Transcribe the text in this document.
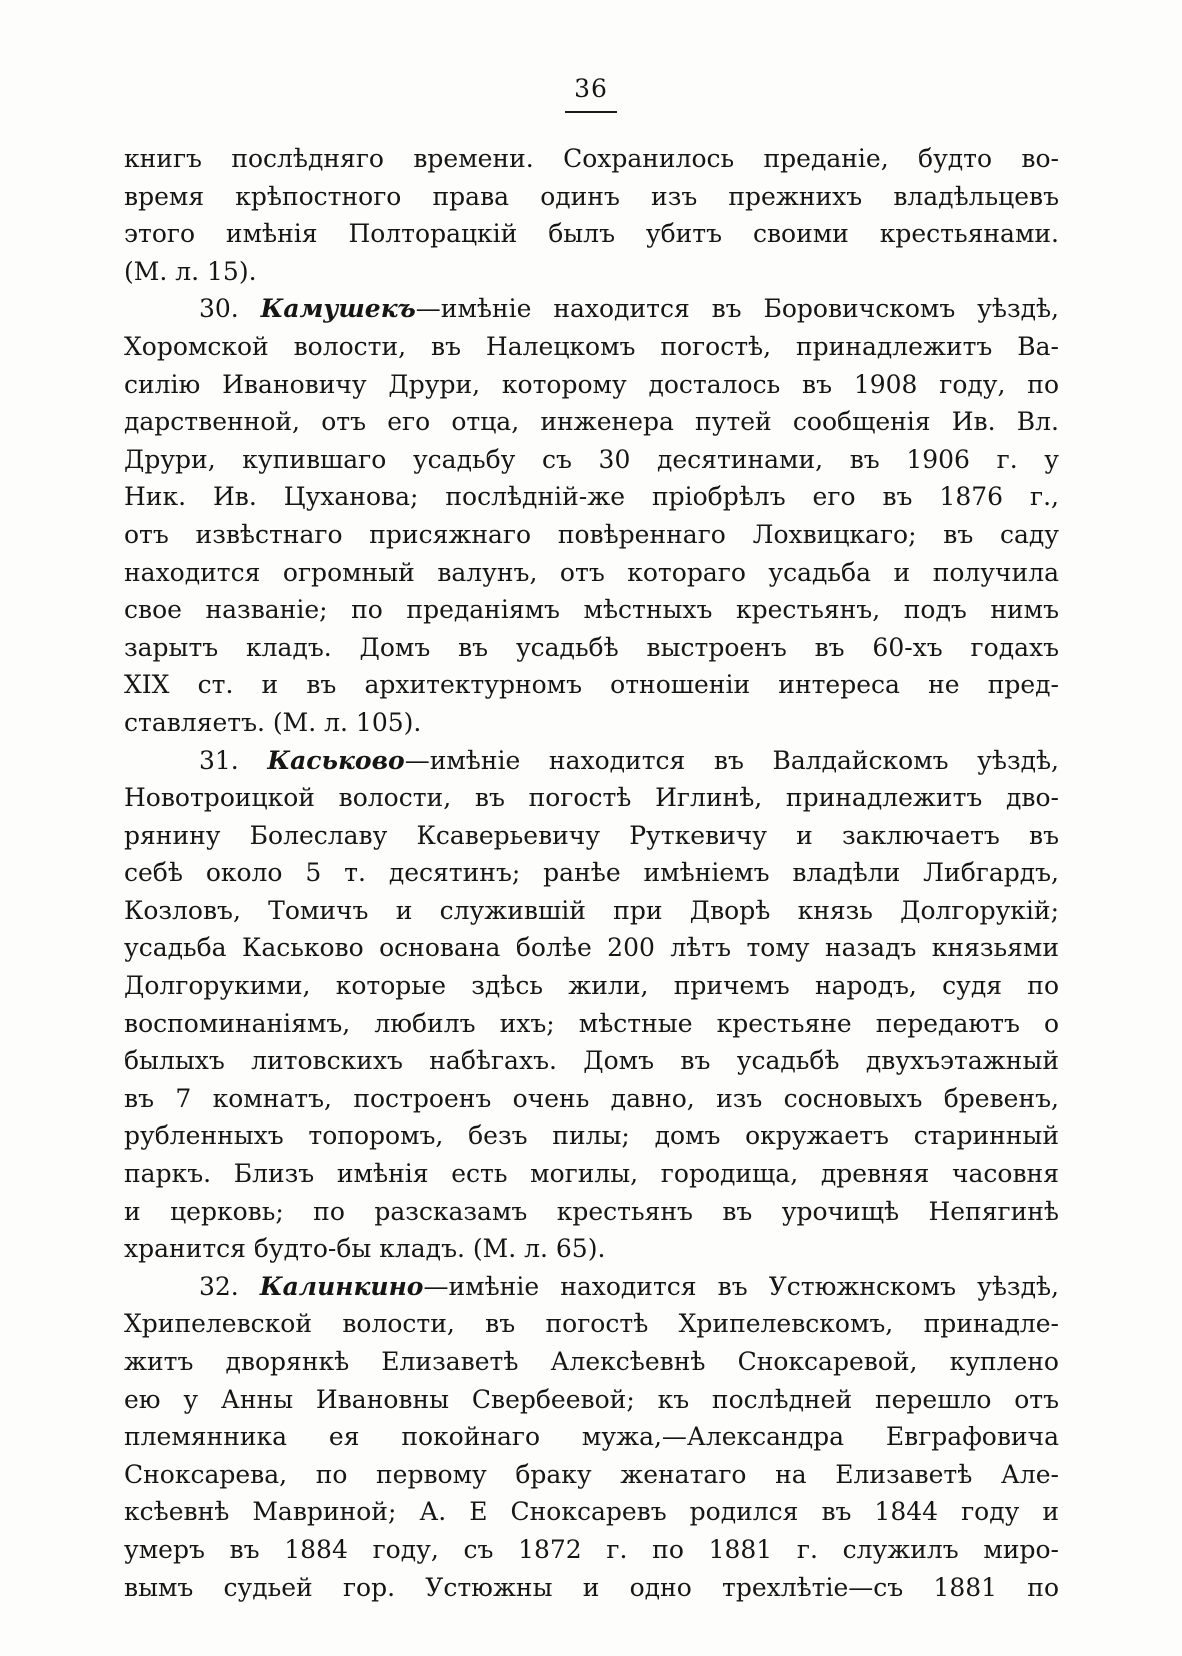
36
книгъ послѣдняго времени. Сохранилось преданіе, будто во-
время крѣпостного права одинъ изъ прежнихъ владѣльцевъ
этого имѣнія Полторацкій былъ убитъ своими крестьянами.
(М. л. 15).
30. Камушекъ—имѣніе находится въ Боровичскомъ уѣздѣ,
Хоромской волости, въ Налецкомъ погостѣ, принадлежитъ Ва-
силію Ивановичу Друри, которому досталось въ 1908 году, по
дарственной, отъ его отца, инженера путей сообщенія Ив. Вл.
Друри, купившаго усадьбу съ 30 десятинами, въ 1906 г. у
Ник. Ив. Цуханова; послѣдній-же пріобрѣлъ его въ 1876 г.,
отъ извѣстнаго присяжнаго повѣреннаго Лохвицкаго; въ саду
находится огромный валунъ, отъ котораго усадьба и получила
свое названіе; по преданіямъ мѣстныхъ крестьянъ, подъ нимъ
зарытъ кладъ. Домъ въ усадьбѣ выстроенъ въ 60-хъ годахъ
XIX ст. и въ архитектурномъ отношеніи интереса не пред-
ставляетъ. (М. л. 105).
31. Каськово—имѣніе находится въ Валдайскомъ уѣздѣ,
Новотроицкой волости, въ погостѣ Иглинѣ, принадлежитъ дво-
рянину Болеславу Ксаверьевичу Руткевичу и заключаетъ въ
себѣ около 5 т. десятинъ; ранѣе имѣніемъ владѣли Либгардъ,
Козловъ, Томичъ и служившій при Дворѣ князь Долгорукій;
усадьба Каськово основана болѣе 200 лѣтъ тому назадъ князьями
Долгорукими, которые здѣсь жили, причемъ народъ, судя по
воспоминаніямъ, любилъ ихъ; мѣстные крестьяне передаютъ о
былыхъ литовскихъ набѣгахъ. Домъ въ усадьбѣ двухъэтажный
въ 7 комнатъ, построенъ очень давно, изъ сосновыхъ бревенъ,
рубленныхъ топоромъ, безъ пилы; домъ окружаетъ старинный
паркъ. Близъ имѣнія есть могилы, городища, древняя часовня
и церковь; по разсказамъ крестьянъ въ урочищѣ Непягинѣ
хранится будто-бы кладъ. (М. л. 65).
32. Калинкино—имѣніе находится въ Устюжнскомъ уѣздѣ,
Хрипелевской волости, въ погостѣ Хрипелевскомъ, принадле-
житъ дворянкѣ Елизаветѣ Алексѣевнѣ Сноксаревой, куплено
ею у Анны Ивановны Свербеевой; къ послѣдней перешло отъ
племянника ея покойнаго мужа,—Александра Евграфовича
Сноксарева, по первому браку женатаго на Елизаветѣ Але-
ксѣевнѣ Мавриной; А. Е Сноксаревъ родился въ 1844 году и
умеръ въ 1884 году, съ 1872 г. по 1881 г. служилъ миро-
вымъ судьей гор. Устюжны и одно трехлѣтіе—съ 1881 по
